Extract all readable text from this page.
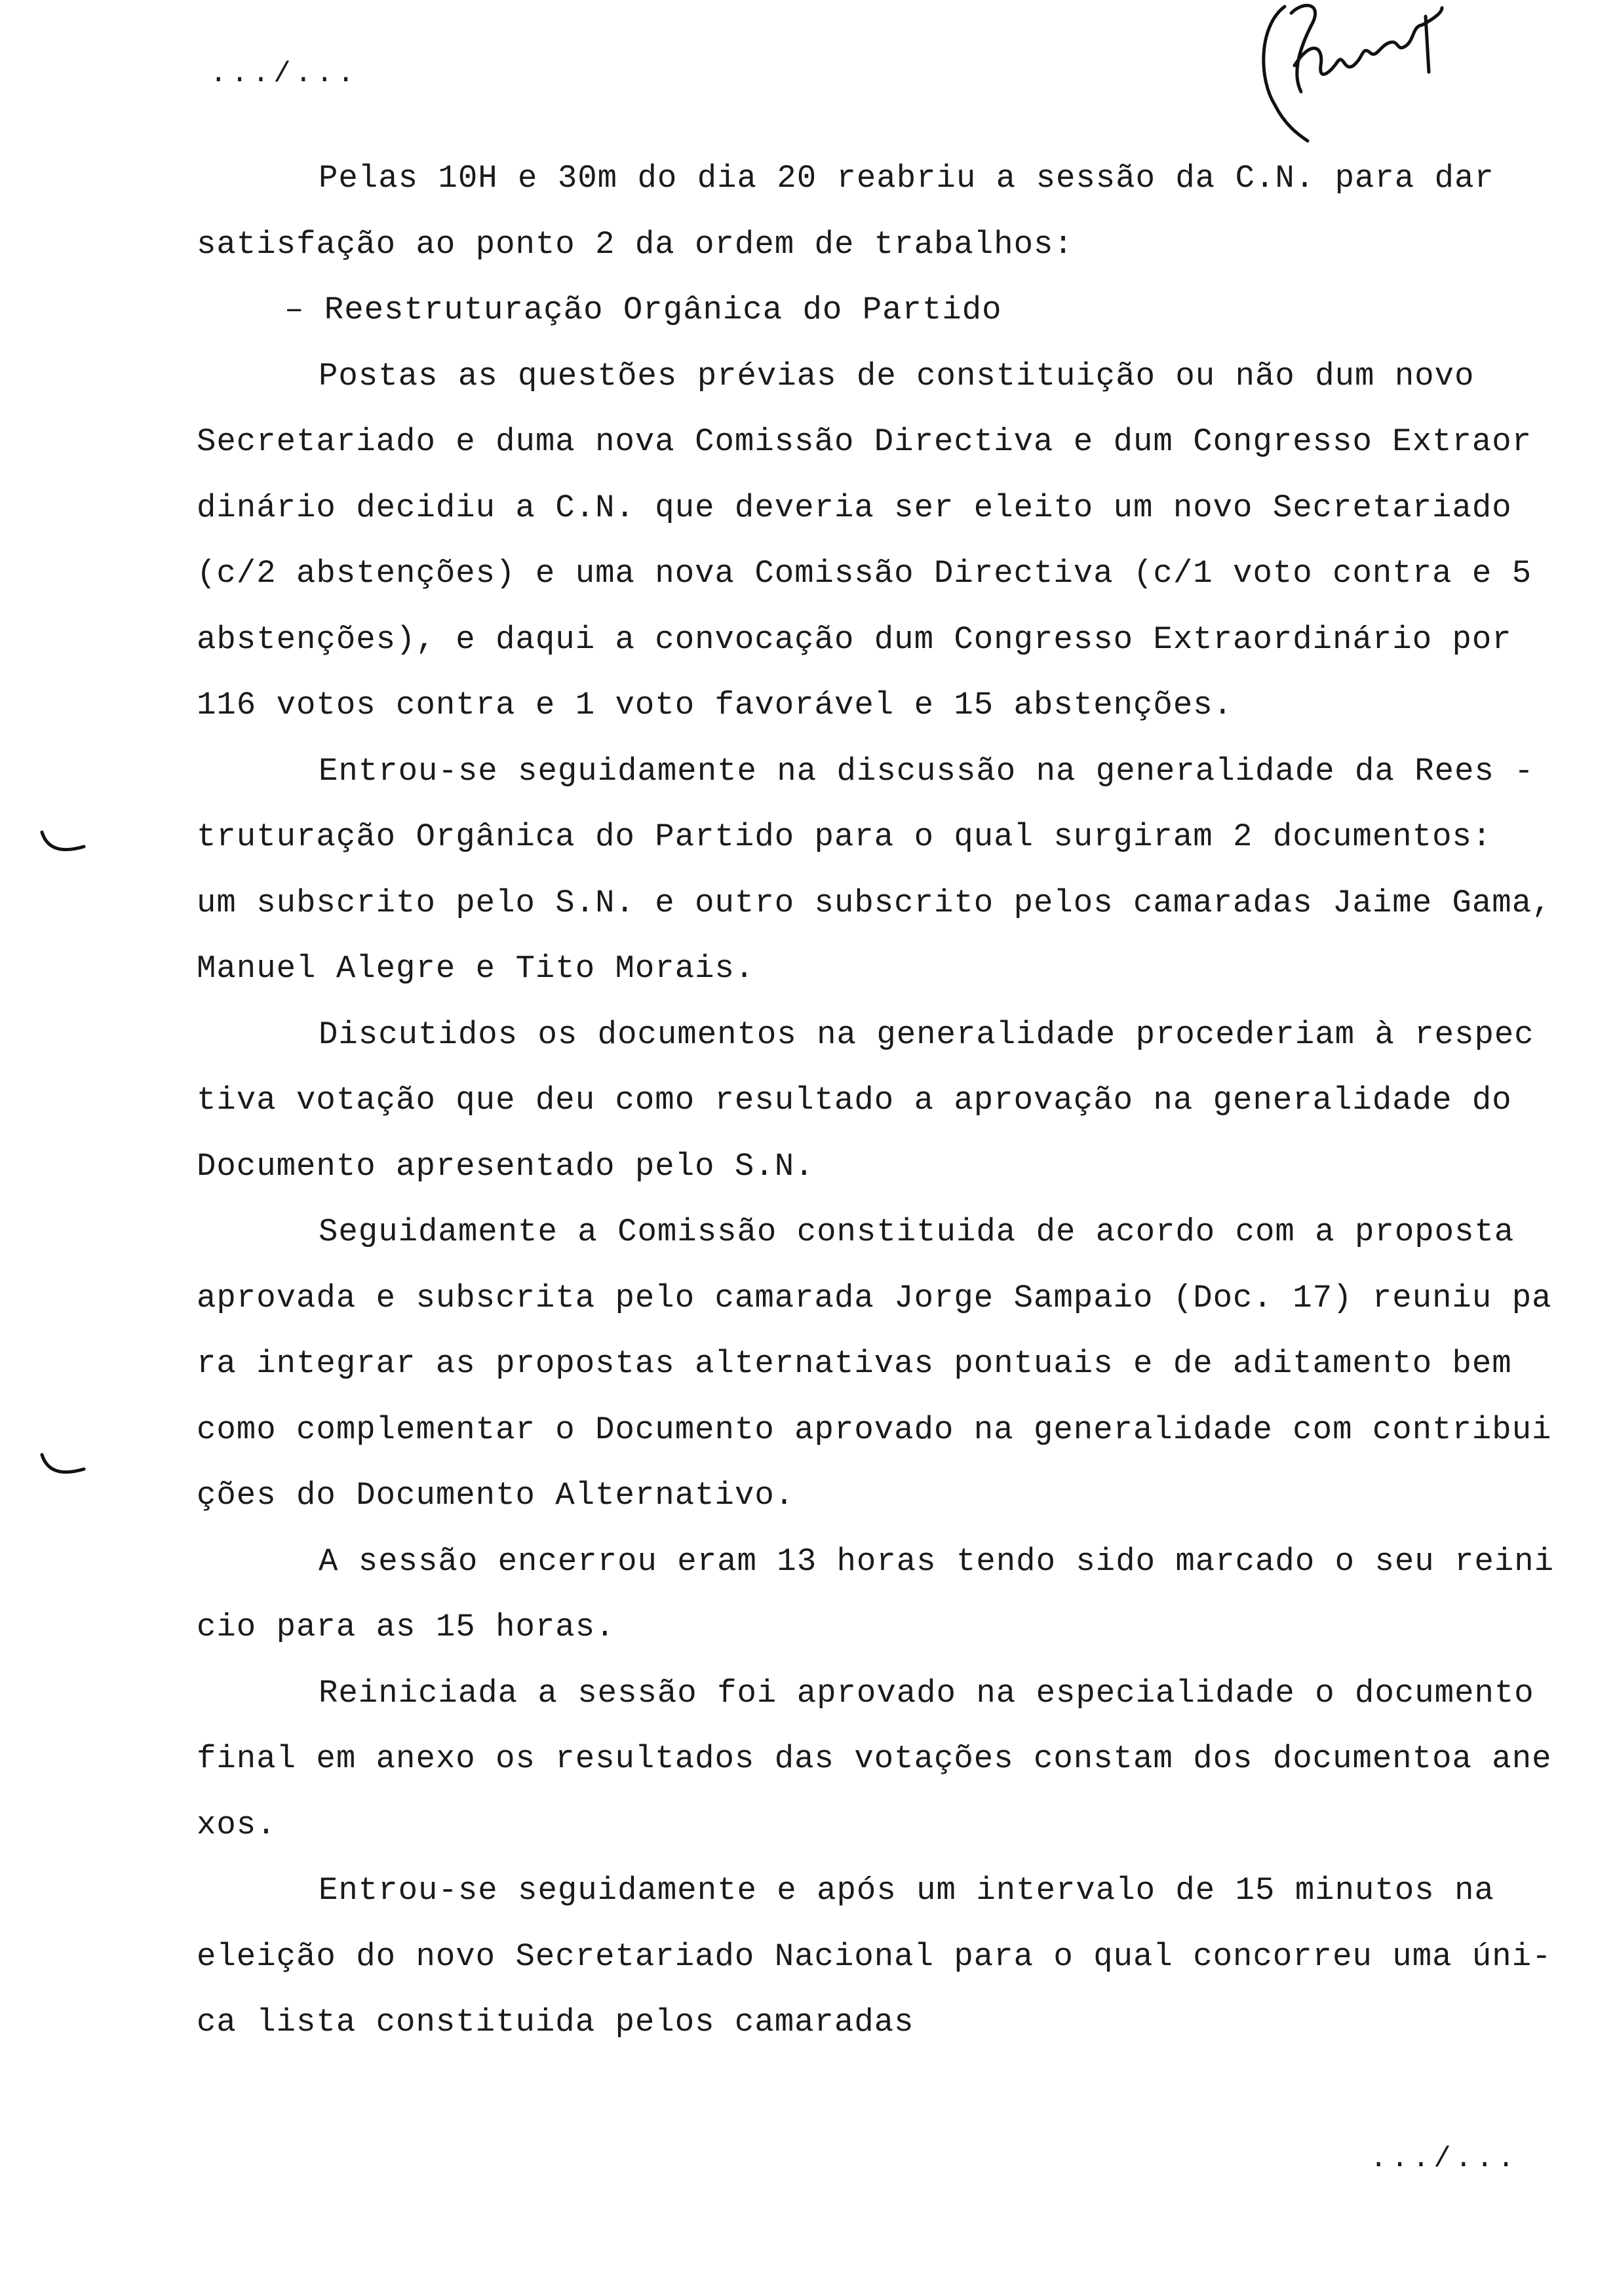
.../...
Pelas 10H e 30m do dia 20 reabriu a sessão da C.N. para dar
satisfação ao ponto 2 da ordem de trabalhos:
– Reestruturação Orgânica do Partido
Postas as questões prévias de constituição ou não dum novo
Secretariado e duma nova Comissão Directiva e dum Congresso Extraor
dinário decidiu a C.N. que deveria ser eleito um novo Secretariado
(c/2 abstenções) e uma nova Comissão Directiva (c/1 voto contra e 5
abstenções), e daqui a convocação dum Congresso Extraordinário por
116 votos contra e 1 voto favorável e 15 abstenções.
Entrou-se seguidamente na discussão na generalidade da Rees -
truturação Orgânica do Partido para o qual surgiram 2 documentos:
um subscrito pelo S.N. e outro subscrito pelos camaradas Jaime Gama,
Manuel Alegre e Tito Morais.
Discutidos os documentos na generalidade procederiam à respec
tiva votação que deu como resultado a aprovação na generalidade do
Documento apresentado pelo S.N.
Seguidamente a Comissão constituida de acordo com a proposta
aprovada e subscrita pelo camarada Jorge Sampaio (Doc. 17) reuniu pa
ra integrar as propostas alternativas pontuais e de aditamento bem
como complementar o Documento aprovado na generalidade com contribui
ções do Documento Alternativo.
A sessão encerrou eram 13 horas tendo sido marcado o seu reini
cio para as 15 horas.
Reiniciada a sessão foi aprovado na especialidade o documento
final em anexo os resultados das votações constam dos documentoa ane
xos.
Entrou-se seguidamente e após um intervalo de 15 minutos na
eleição do novo Secretariado Nacional para o qual concorreu uma úni-
ca lista constituida pelos camaradas
.../...
